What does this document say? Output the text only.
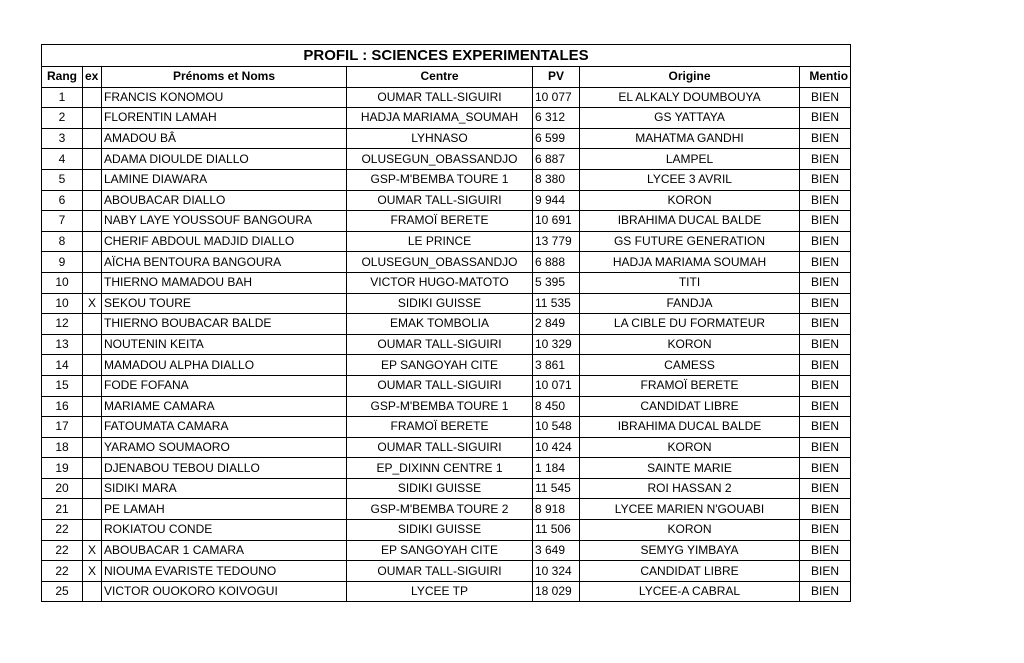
PROFIL : SCIENCES EXPERIMENTALES						
Rang	ex	Prénoms et Noms	Centre	PV	Origine	Mentio
1		FRANCIS KONOMOU	OUMAR TALL-SIGUIRI	10 077	EL ALKALY DOUMBOUYA	BIEN
2		FLORENTIN LAMAH	HADJA MARIAMA_SOUMAH	6 312	GS YATTAYA	BIEN
3		AMADOU BÂ	LYHNASO	6 599	MAHATMA GANDHI	BIEN
4		ADAMA DIOULDE DIALLO	OLUSEGUN_OBASSANDJO	6 887	LAMPEL	BIEN
5		LAMINE DIAWARA	GSP-M'BEMBA TOURE 1	8 380	LYCEE 3 AVRIL	BIEN
6		ABOUBACAR DIALLO	OUMAR TALL-SIGUIRI	9 944	KORON	BIEN
7		NABY LAYE YOUSSOUF BANGOURA	FRAMOÏ BERETE	10 691	IBRAHIMA DUCAL BALDE	BIEN
8		CHERIF ABDOUL MADJID DIALLO	LE PRINCE	13 779	GS FUTURE GENERATION	BIEN
9		AÏCHA BENTOURA BANGOURA	OLUSEGUN_OBASSANDJO	6 888	HADJA MARIAMA SOUMAH	BIEN
10		THIERNO MAMADOU BAH	VICTOR HUGO-MATOTO	5 395	TITI	BIEN
10	X	SEKOU TOURE	SIDIKI GUISSE	11 535	FANDJA	BIEN
12		THIERNO BOUBACAR BALDE	EMAK TOMBOLIA	2 849	LA CIBLE DU FORMATEUR	BIEN
13		NOUTENIN KEITA	OUMAR TALL-SIGUIRI	10 329	KORON	BIEN
14		MAMADOU ALPHA DIALLO	EP SANGOYAH CITE	3 861	CAMESS	BIEN
15		FODE FOFANA	OUMAR TALL-SIGUIRI	10 071	FRAMOÏ BERETE	BIEN
16		MARIAME CAMARA	GSP-M'BEMBA TOURE 1	8 450	CANDIDAT LIBRE	BIEN
17		FATOUMATA CAMARA	FRAMOÏ BERETE	10 548	IBRAHIMA DUCAL BALDE	BIEN
18		YARAMO SOUMAORO	OUMAR TALL-SIGUIRI	10 424	KORON	BIEN
19		DJENABOU TEBOU DIALLO	EP_DIXINN CENTRE 1	1 184	SAINTE MARIE	BIEN
20		SIDIKI MARA	SIDIKI GUISSE	11 545	ROI HASSAN 2	BIEN
21		PE LAMAH	GSP-M'BEMBA TOURE 2	8 918	LYCEE MARIEN N'GOUABI	BIEN
22		ROKIATOU CONDE	SIDIKI GUISSE	11 506	KORON	BIEN
22	X	ABOUBACAR 1 CAMARA	EP SANGOYAH CITE	3 649	SEMYG YIMBAYA	BIEN
22	X	NIOUMA EVARISTE TEDOUNO	OUMAR TALL-SIGUIRI	10 324	CANDIDAT LIBRE	BIEN
25		VICTOR OUOKORO KOIVOGUI	LYCEE TP	18 029	LYCEE-A CABRAL	BIEN
